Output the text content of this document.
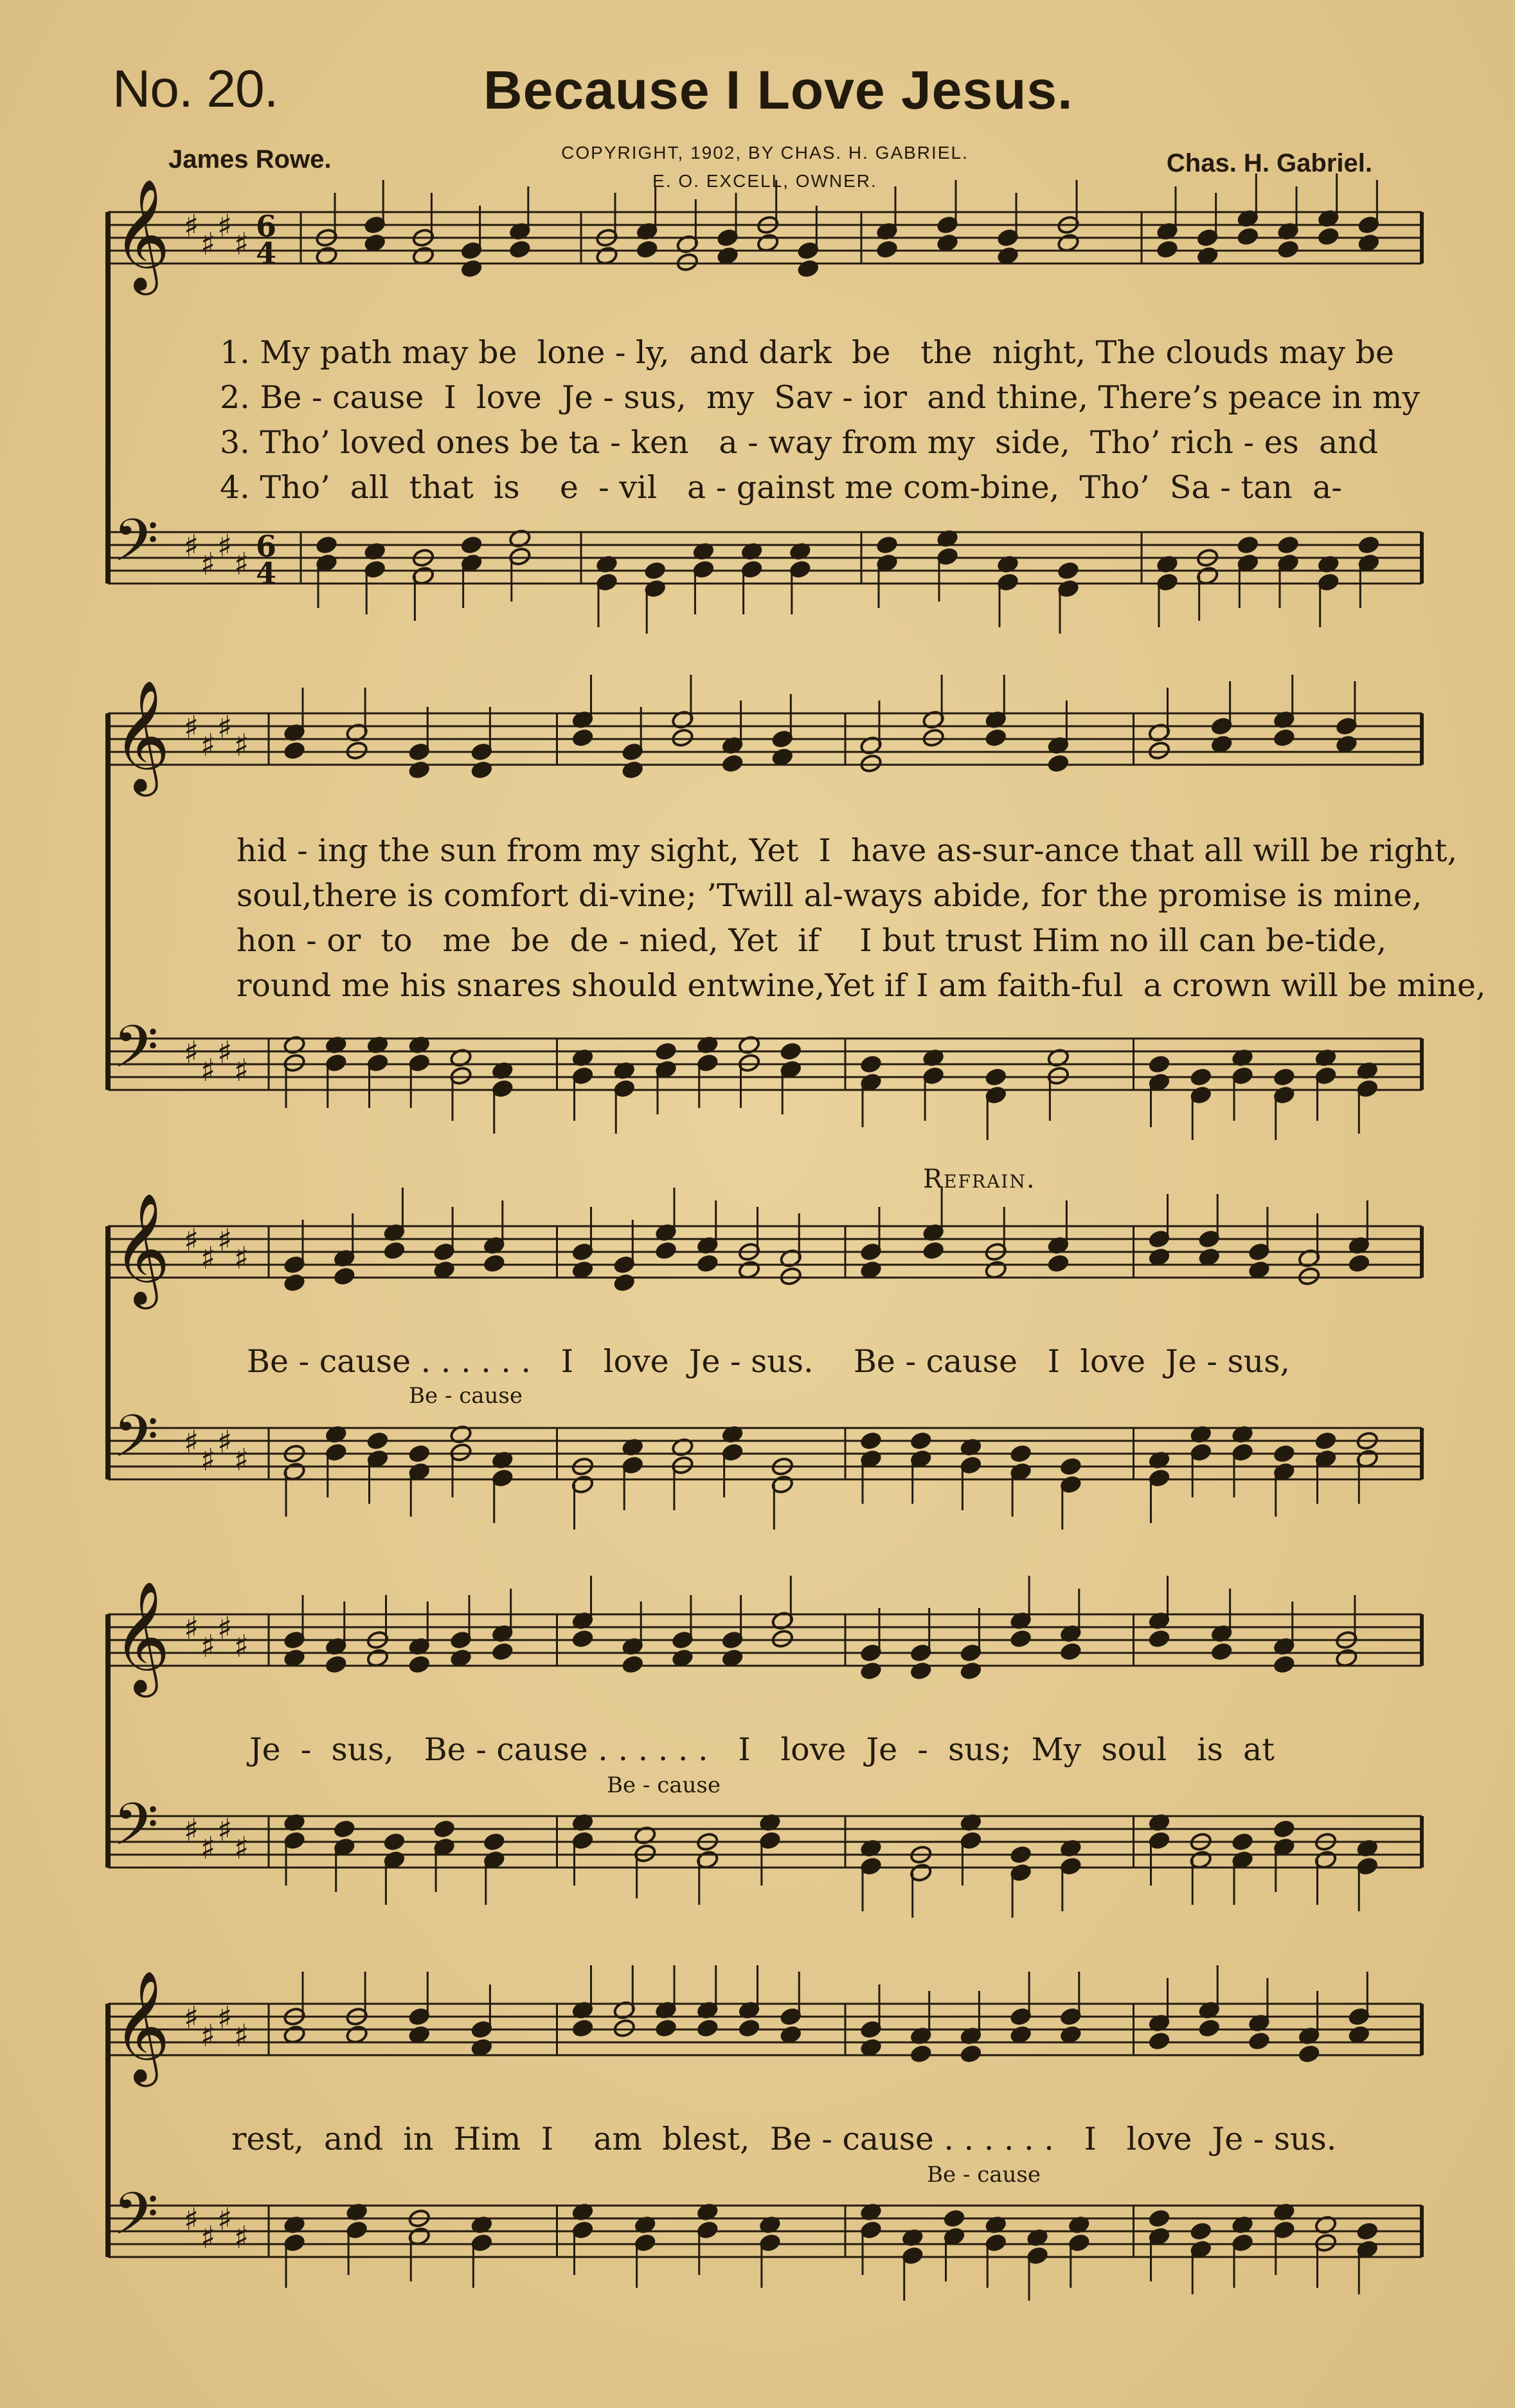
No. 20.	Because I Love Jesus.
James Rowe.	Chas. H. Gabriel.
COPYRIGHT, 1902, BY CHAS. H. GABRIEL.
E. O. EXCELL, OWNER.
𝄞 ♯ ♯ ♯ ♯ 6
4
𝄢 ♯ ♯ ♯ ♯ 6
4
𝄞 ♯ ♯ ♯ ♯
𝄢 ♯ ♯ ♯ ♯
𝄞 ♯ ♯ ♯ ♯
𝄢 ♯ ♯ ♯ ♯
𝄞 ♯ ♯ ♯ ♯
𝄢 ♯ ♯ ♯ ♯
𝄞 ♯ ♯ ♯ ♯
𝄢 ♯ ♯ ♯ ♯

1. My path may be  lone - ly,  and dark  be   the  night, The clouds may be

2. Be - cause  I  love  Je - sus,  my  Sav - ior  and thine, There’s peace in my

3. Tho’ loved ones be ta - ken   a - way from my  side,  Tho’ rich - es  and

4. Tho’  all  that  is    e  - vil   a - gainst me com-bine,  Tho’  Sa - tan  a-

hid - ing the sun from my sight, Yet  I  have as-sur-ance that all will be right,

soul,there is comfort di-vine; ’Twill al-ways abide, for the promise is mine,

hon - or  to   me  be  de - nied, Yet  if    I but trust Him no ill can be-tide,

round me his snares should entwine,Yet if I am faith-ful  a crown will be mine,

Refrain.

Be - cause . . . . . .   I   love  Je - sus.    Be - cause   I  love  Je - sus,

Be - cause

Je  -  sus,   Be - cause . . . . . .   I   love  Je  -  sus;  My  soul   is  at

Be - cause

rest,  and  in  Him  I    am  blest,  Be - cause . . . . . .   I   love  Je - sus.

Be - cause
